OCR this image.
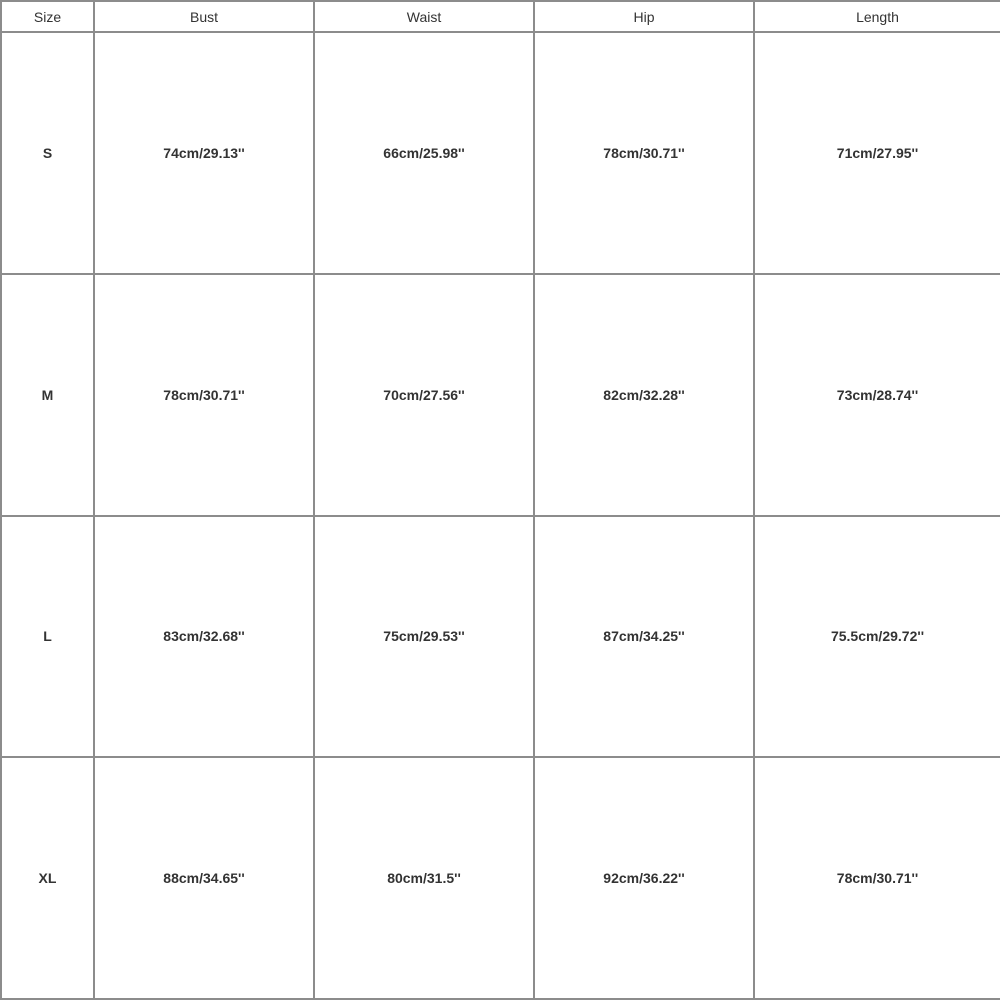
Size	Bust	Waist	Hip	Length
S	74cm/29.13''	66cm/25.98''	78cm/30.71''	71cm/27.95''
M	78cm/30.71''	70cm/27.56''	82cm/32.28''	73cm/28.74''
L	83cm/32.68''	75cm/29.53''	87cm/34.25''	75.5cm/29.72''
XL	88cm/34.65''	80cm/31.5''	92cm/36.22''	78cm/30.71''
